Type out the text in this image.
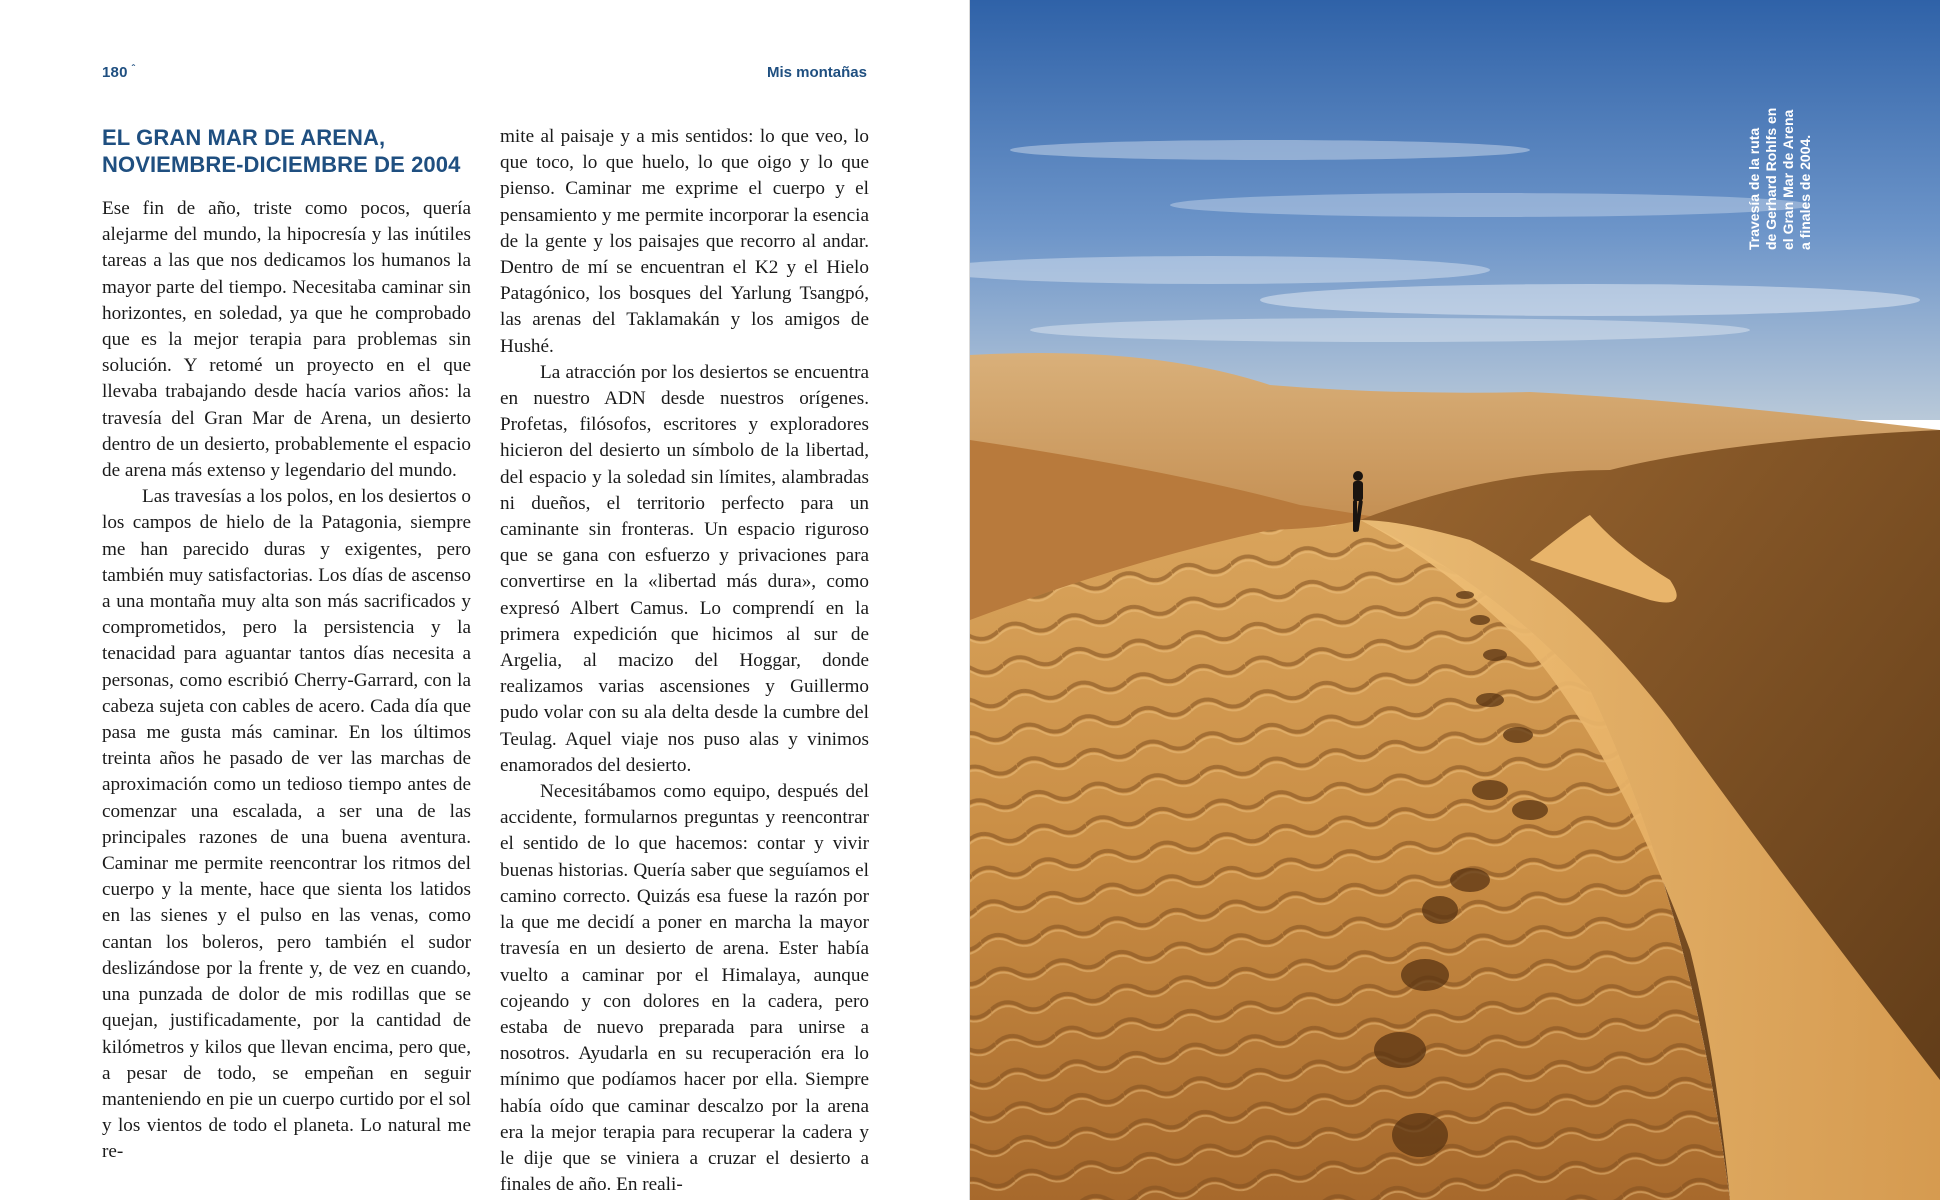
180 $^ˆ$	Mis montañas
EL GRAN MAR DE ARENA,
NOVIEMBRE-DICIEMBRE DE 2004

Ese fin de año, triste como pocos, quería alejarme del mundo, la hipocresía y las inútiles tareas a las que nos dedicamos los humanos la mayor parte del tiempo. Necesitaba caminar sin horizontes, en soledad, ya que he comprobado que es la mejor terapia para problemas sin solución. Y retomé un proyecto en el que llevaba trabajando desde hacía varios años: la travesía del Gran Mar de Arena, un desierto dentro de un desierto, probablemente el espacio de arena más extenso y legendario del mundo.

Las travesías a los polos, en los desiertos o los campos de hielo de la Patagonia, siempre me han parecido duras y exigentes, pero también muy satisfactorias. Los días de ascenso a una montaña muy alta son más sacrificados y comprometidos, pero la persistencia y la tenacidad para aguantar tantos días necesita a personas, como escribió Cherry-Garrard, con la cabeza sujeta con cables de acero. Cada día que pasa me gusta más caminar. En los últimos treinta años he pasado de ver las marchas de aproximación como un tedioso tiempo antes de comenzar una escalada, a ser una de las principales razones de una buena aventura. Caminar me permite reencontrar los ritmos del cuerpo y la mente, hace que sienta los latidos en las sienes y el pulso en las venas, como cantan los boleros, pero también el sudor deslizándose por la frente y, de vez en cuando, una punzada de dolor de mis rodillas que se quejan, justificadamente, por la cantidad de kilómetros y kilos que llevan encima, pero que, a pesar de todo, se empeñan en seguir manteniendo en pie un cuerpo curtido por el sol y los vientos de todo el planeta. Lo natural me re-

mite al paisaje y a mis sentidos: lo que veo, lo que toco, lo que huelo, lo que oigo y lo que pienso. Caminar me exprime el cuerpo y el pensamiento y me permite incorporar la esencia de la gente y los paisajes que recorro al andar. Dentro de mí se encuentran el K2 y el Hielo Patagónico, los bosques del Yarlung Tsangpó, las arenas del Taklamakán y los amigos de Hushé.

La atracción por los desiertos se encuentra en nuestro ADN desde nuestros orígenes. Profetas, filósofos, escritores y exploradores hicieron del desierto un símbolo de la libertad, del espacio y la soledad sin límites, alambradas ni dueños, el territorio perfecto para un caminante sin fronteras. Un espacio riguroso que se gana con esfuerzo y privaciones para convertirse en la «libertad más dura», como expresó Albert Camus. Lo comprendí en la primera expedición que hicimos al sur de Argelia, al macizo del Hoggar, donde realizamos varias ascensiones y Guillermo pudo volar con su ala delta desde la cumbre del Teulag. Aquel viaje nos puso alas y vinimos enamorados del desierto.

Necesitábamos como equipo, después del accidente, formularnos preguntas y reencontrar el sentido de lo que hacemos: contar y vivir buenas historias. Quería saber que seguíamos el camino correcto. Quizás esa fuese la razón por la que me decidí a poner en marcha la mayor travesía en un desierto de arena. Ester había vuelto a caminar por el Himalaya, aunque cojeando y con dolores en la cadera, pero estaba de nuevo preparada para unirse a nosotros. Ayudarla en su recuperación era lo mínimo que podíamos hacer por ella. Siempre había oído que caminar descalzo por la arena era la mejor terapia para recuperar la cadera y le dije que se viniera a cruzar el desierto a finales de año. En reali-

Travesía de la ruta de Gerhard Rohlfs en el Gran Mar de Arena a finales de 2004.
